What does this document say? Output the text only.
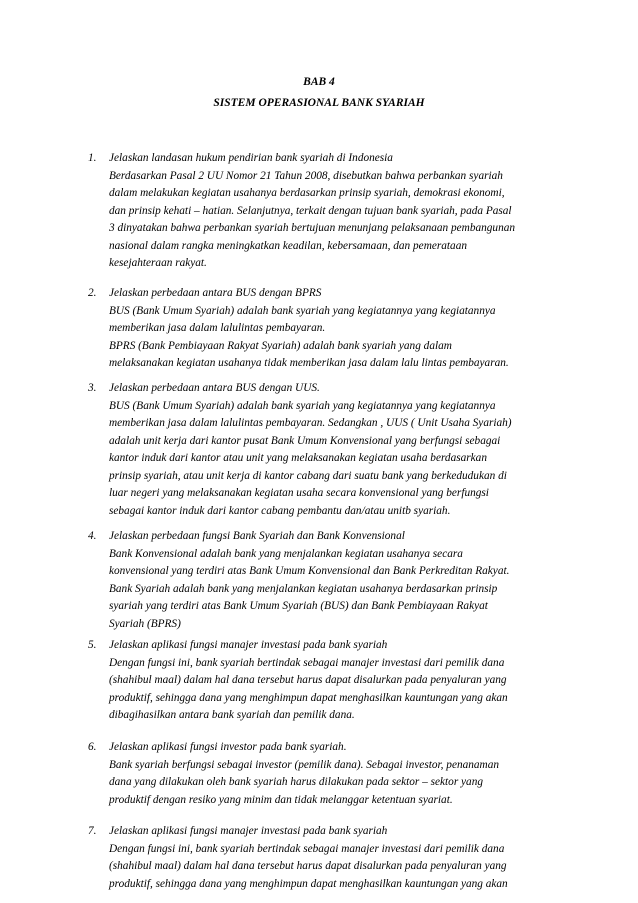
BAB 4
SISTEM OPERASIONAL BANK SYARIAH
1.	Jelaskan landasan hukum pendirian bank syariah di Indonesia
Berdasarkan Pasal 2 UU Nomor 21 Tahun 2008, disebutkan bahwa perbankan syariah
dalam melakukan kegiatan usahanya berdasarkan prinsip syariah, demokrasi ekonomi,
dan prinsip kehati – hatian. Selanjutnya, terkait dengan tujuan bank syariah, pada Pasal
3 dinyatakan bahwa perbankan syariah bertujuan menunjang pelaksanaan pembangunan
nasional dalam rangka meningkatkan keadilan, kebersamaan, dan pemerataan
kesejahteraan rakyat.
2.	Jelaskan perbedaan antara BUS dengan BPRS
BUS (Bank Umum Syariah) adalah bank syariah yang kegiatannya yang kegiatannya
memberikan jasa dalam lalulintas pembayaran.
BPRS (Bank Pembiayaan Rakyat Syariah) adalah bank syariah yang dalam
melaksanakan kegiatan usahanya tidak memberikan jasa dalam lalu lintas pembayaran.
3.	Jelaskan perbedaan antara BUS dengan UUS.
BUS (Bank Umum Syariah) adalah bank syariah yang kegiatannya yang kegiatannya
memberikan jasa dalam lalulintas pembayaran. Sedangkan , UUS ( Unit Usaha Syariah)
adalah unit kerja dari kantor pusat Bank Umum Konvensional yang berfungsi sebagai
kantor induk dari kantor atau unit yang melaksanakan kegiatan usaha berdasarkan
prinsip syariah, atau unit kerja di kantor cabang dari suatu bank yang berkedudukan di
luar negeri yang melaksanakan kegiatan usaha secara konvensional yang berfungsi
sebagai kantor induk dari kantor cabang pembantu dan/atau unitb syariah.
4.	Jelaskan perbedaan fungsi Bank Syariah dan Bank Konvensional
Bank Konvensional adalah bank yang menjalankan kegiatan usahanya secara
konvensional yang terdiri atas Bank Umum Konvensional dan Bank Perkreditan Rakyat.
Bank Syariah adalah bank yang menjalankan kegiatan usahanya berdasarkan prinsip
syariah yang terdiri atas Bank Umum Syariah (BUS) dan Bank Pembiayaan Rakyat
Syariah (BPRS)
5.	Jelaskan aplikasi fungsi manajer investasi pada bank syariah
Dengan fungsi ini, bank syariah bertindak sebagai manajer investasi dari pemilik dana
(shahibul maal) dalam hal dana tersebut harus dapat disalurkan pada penyaluran yang
produktif, sehingga dana yang menghimpun dapat menghasilkan kauntungan yang akan
dibagihasilkan antara bank syariah dan pemilik dana.
6.	Jelaskan aplikasi fungsi investor pada bank syariah.
Bank syariah berfungsi sebagai investor (pemilik dana). Sebagai investor, penanaman
dana yang dilakukan oleh bank syariah harus dilakukan pada sektor – sektor yang
produktif dengan resiko yang minim dan tidak melanggar ketentuan syariat.
7.	Jelaskan aplikasi fungsi manajer investasi pada bank syariah
Dengan fungsi ini, bank syariah bertindak sebagai manajer investasi dari pemilik dana
(shahibul maal) dalam hal dana tersebut harus dapat disalurkan pada penyaluran yang
produktif, sehingga dana yang menghimpun dapat menghasilkan kauntungan yang akan
